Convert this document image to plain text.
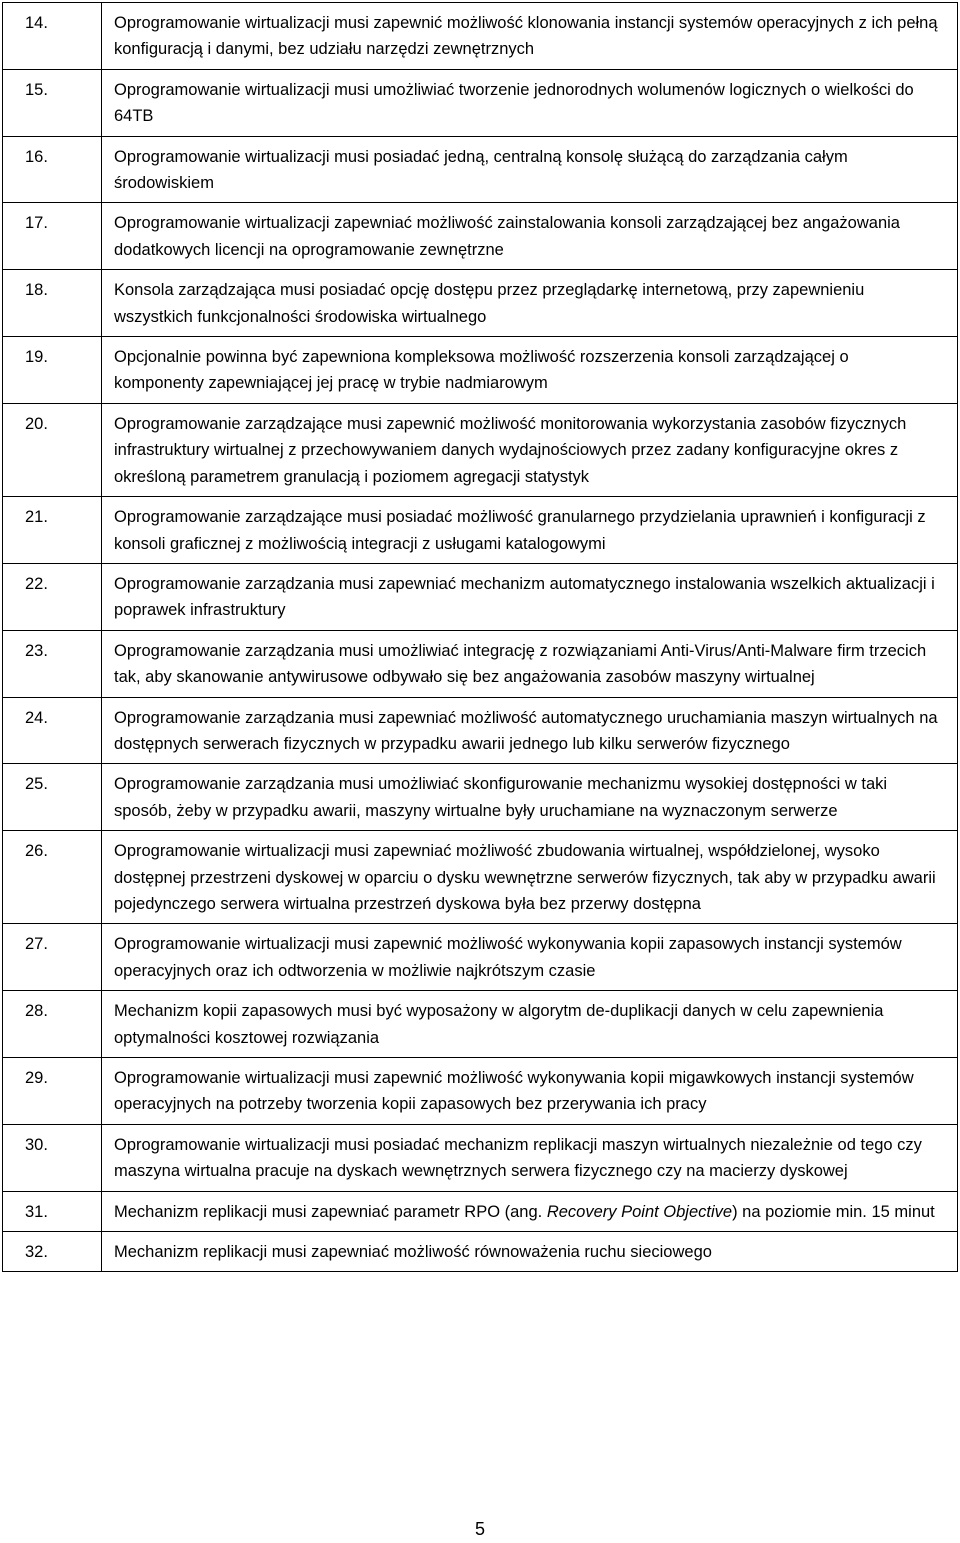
14.	Oprogramowanie wirtualizacji musi zapewnić możliwość klonowania instancji systemów operacyjnych z ich pełną konfiguracją i danymi, bez udziału narzędzi zewnętrznych

15.	Oprogramowanie wirtualizacji musi umożliwiać tworzenie jednorodnych wolumenów logicznych o wielkości do 64TB

16.	Oprogramowanie wirtualizacji musi posiadać jedną, centralną konsolę służącą do zarządzania całym środowiskiem

17.	Oprogramowanie wirtualizacji zapewniać możliwość zainstalowania konsoli zarządzającej bez angażowania dodatkowych licencji na oprogramowanie zewnętrzne

18.	Konsola zarządzająca musi posiadać opcję dostępu przez przeglądarkę internetową, przy zapewnieniu wszystkich funkcjonalności środowiska wirtualnego

19.	Opcjonalnie powinna być zapewniona kompleksowa możliwość rozszerzenia konsoli zarządzającej o komponenty zapewniającej jej pracę w trybie nadmiarowym

20.	Oprogramowanie zarządzające musi zapewnić możliwość monitorowania wykorzystania zasobów fizycznych infrastruktury wirtualnej z przechowywaniem danych wydajnościowych przez zadany konfiguracyjne okres z określoną parametrem granulacją i poziomem agregacji statystyk

21.	Oprogramowanie zarządzające musi posiadać możliwość granularnego przydzielania uprawnień i konfiguracji z konsoli graficznej z możliwością integracji z usługami katalogowymi

22.	Oprogramowanie zarządzania musi zapewniać mechanizm automatycznego instalowania wszelkich aktualizacji i poprawek infrastruktury

23.	Oprogramowanie zarządzania musi umożliwiać integrację z rozwiązaniami Anti-Virus/Anti-Malware firm trzecich tak, aby skanowanie antywirusowe odbywało się bez angażowania zasobów maszyny wirtualnej

24.	Oprogramowanie zarządzania musi zapewniać możliwość automatycznego uruchamiania maszyn wirtualnych na dostępnych serwerach fizycznych w przypadku awarii jednego lub kilku serwerów fizycznego

25.	Oprogramowanie zarządzania musi umożliwiać skonfigurowanie mechanizmu wysokiej dostępności w taki sposób, żeby w przypadku awarii, maszyny wirtualne były uruchamiane na wyznaczonym serwerze

26.	Oprogramowanie wirtualizacji musi zapewniać możliwość zbudowania wirtualnej, współdzielonej, wysoko dostępnej przestrzeni dyskowej w oparciu o dysku wewnętrzne serwerów fizycznych, tak aby w przypadku awarii pojedynczego serwera wirtualna przestrzeń dyskowa była bez przerwy dostępna

27.	Oprogramowanie wirtualizacji musi zapewnić możliwość wykonywania kopii zapasowych instancji systemów operacyjnych oraz ich odtworzenia w możliwie najkrótszym czasie

28.	Mechanizm kopii zapasowych musi być wyposażony w algorytm de-duplikacji danych w celu zapewnienia optymalności kosztowej rozwiązania

29.	Oprogramowanie wirtualizacji musi zapewnić możliwość wykonywania kopii migawkowych instancji systemów operacyjnych na potrzeby tworzenia kopii zapasowych bez przerywania ich pracy

30.	Oprogramowanie wirtualizacji musi posiadać mechanizm replikacji maszyn wirtualnych niezależnie od tego czy maszyna wirtualna pracuje na dyskach wewnętrznych serwera fizycznego czy na macierzy dyskowej

31.	Mechanizm replikacji musi zapewniać parametr RPO (ang. Recovery Point Objective) na poziomie min. 15 minut

32.	Mechanizm replikacji musi zapewniać możliwość równoważenia ruchu sieciowego
5
